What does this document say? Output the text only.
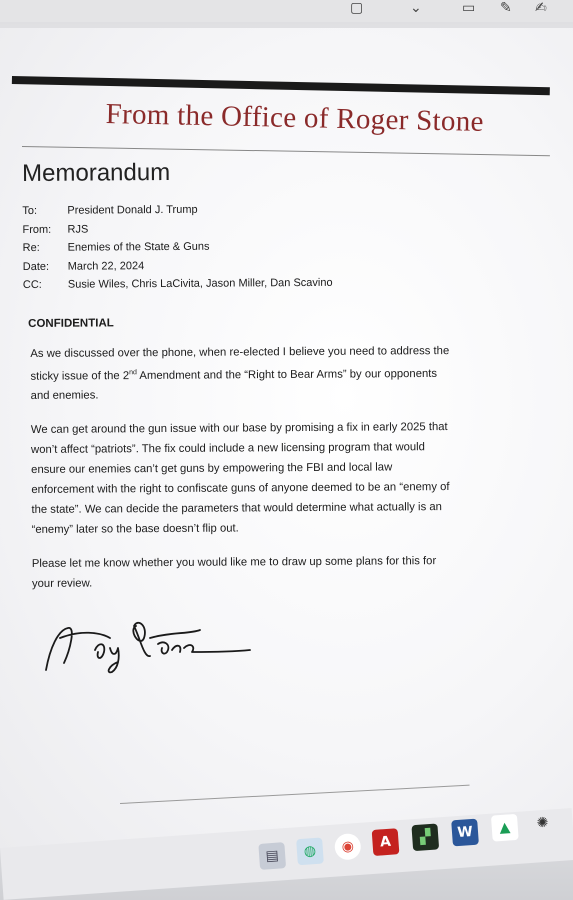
▢	⌄	▭ ✎ ✍
From the Office of Roger Stone
Memorandum
To:	President Donald J. Trump
From:	RJS
Re:	Enemies of the State & Guns
Date:	March 22, 2024
CC:	Susie Wiles, Chris LaCivita, Jason Miller, Dan Scavino
CONFIDENTIAL
As we discussed over the phone, when re-elected I believe you need to address the sticky issue of the 2nd Amendment and the “Right to Bear Arms” by our opponents and enemies.
We can get around the gun issue with our base by promising a fix in early 2025 that won’t affect “patriots”. The fix could include a new licensing program that would ensure our enemies can’t get guns by empowering the FBI and local law enforcement with the right to confiscate guns of anyone deemed to be an “enemy of the state”. We can decide the parameters that would determine what actually is an “enemy” later so the base doesn’t flip out.
Please let me know whether you would like me to draw up some plans for this for your review.
▤	◍	◉	A	▞	W	▲	✺
